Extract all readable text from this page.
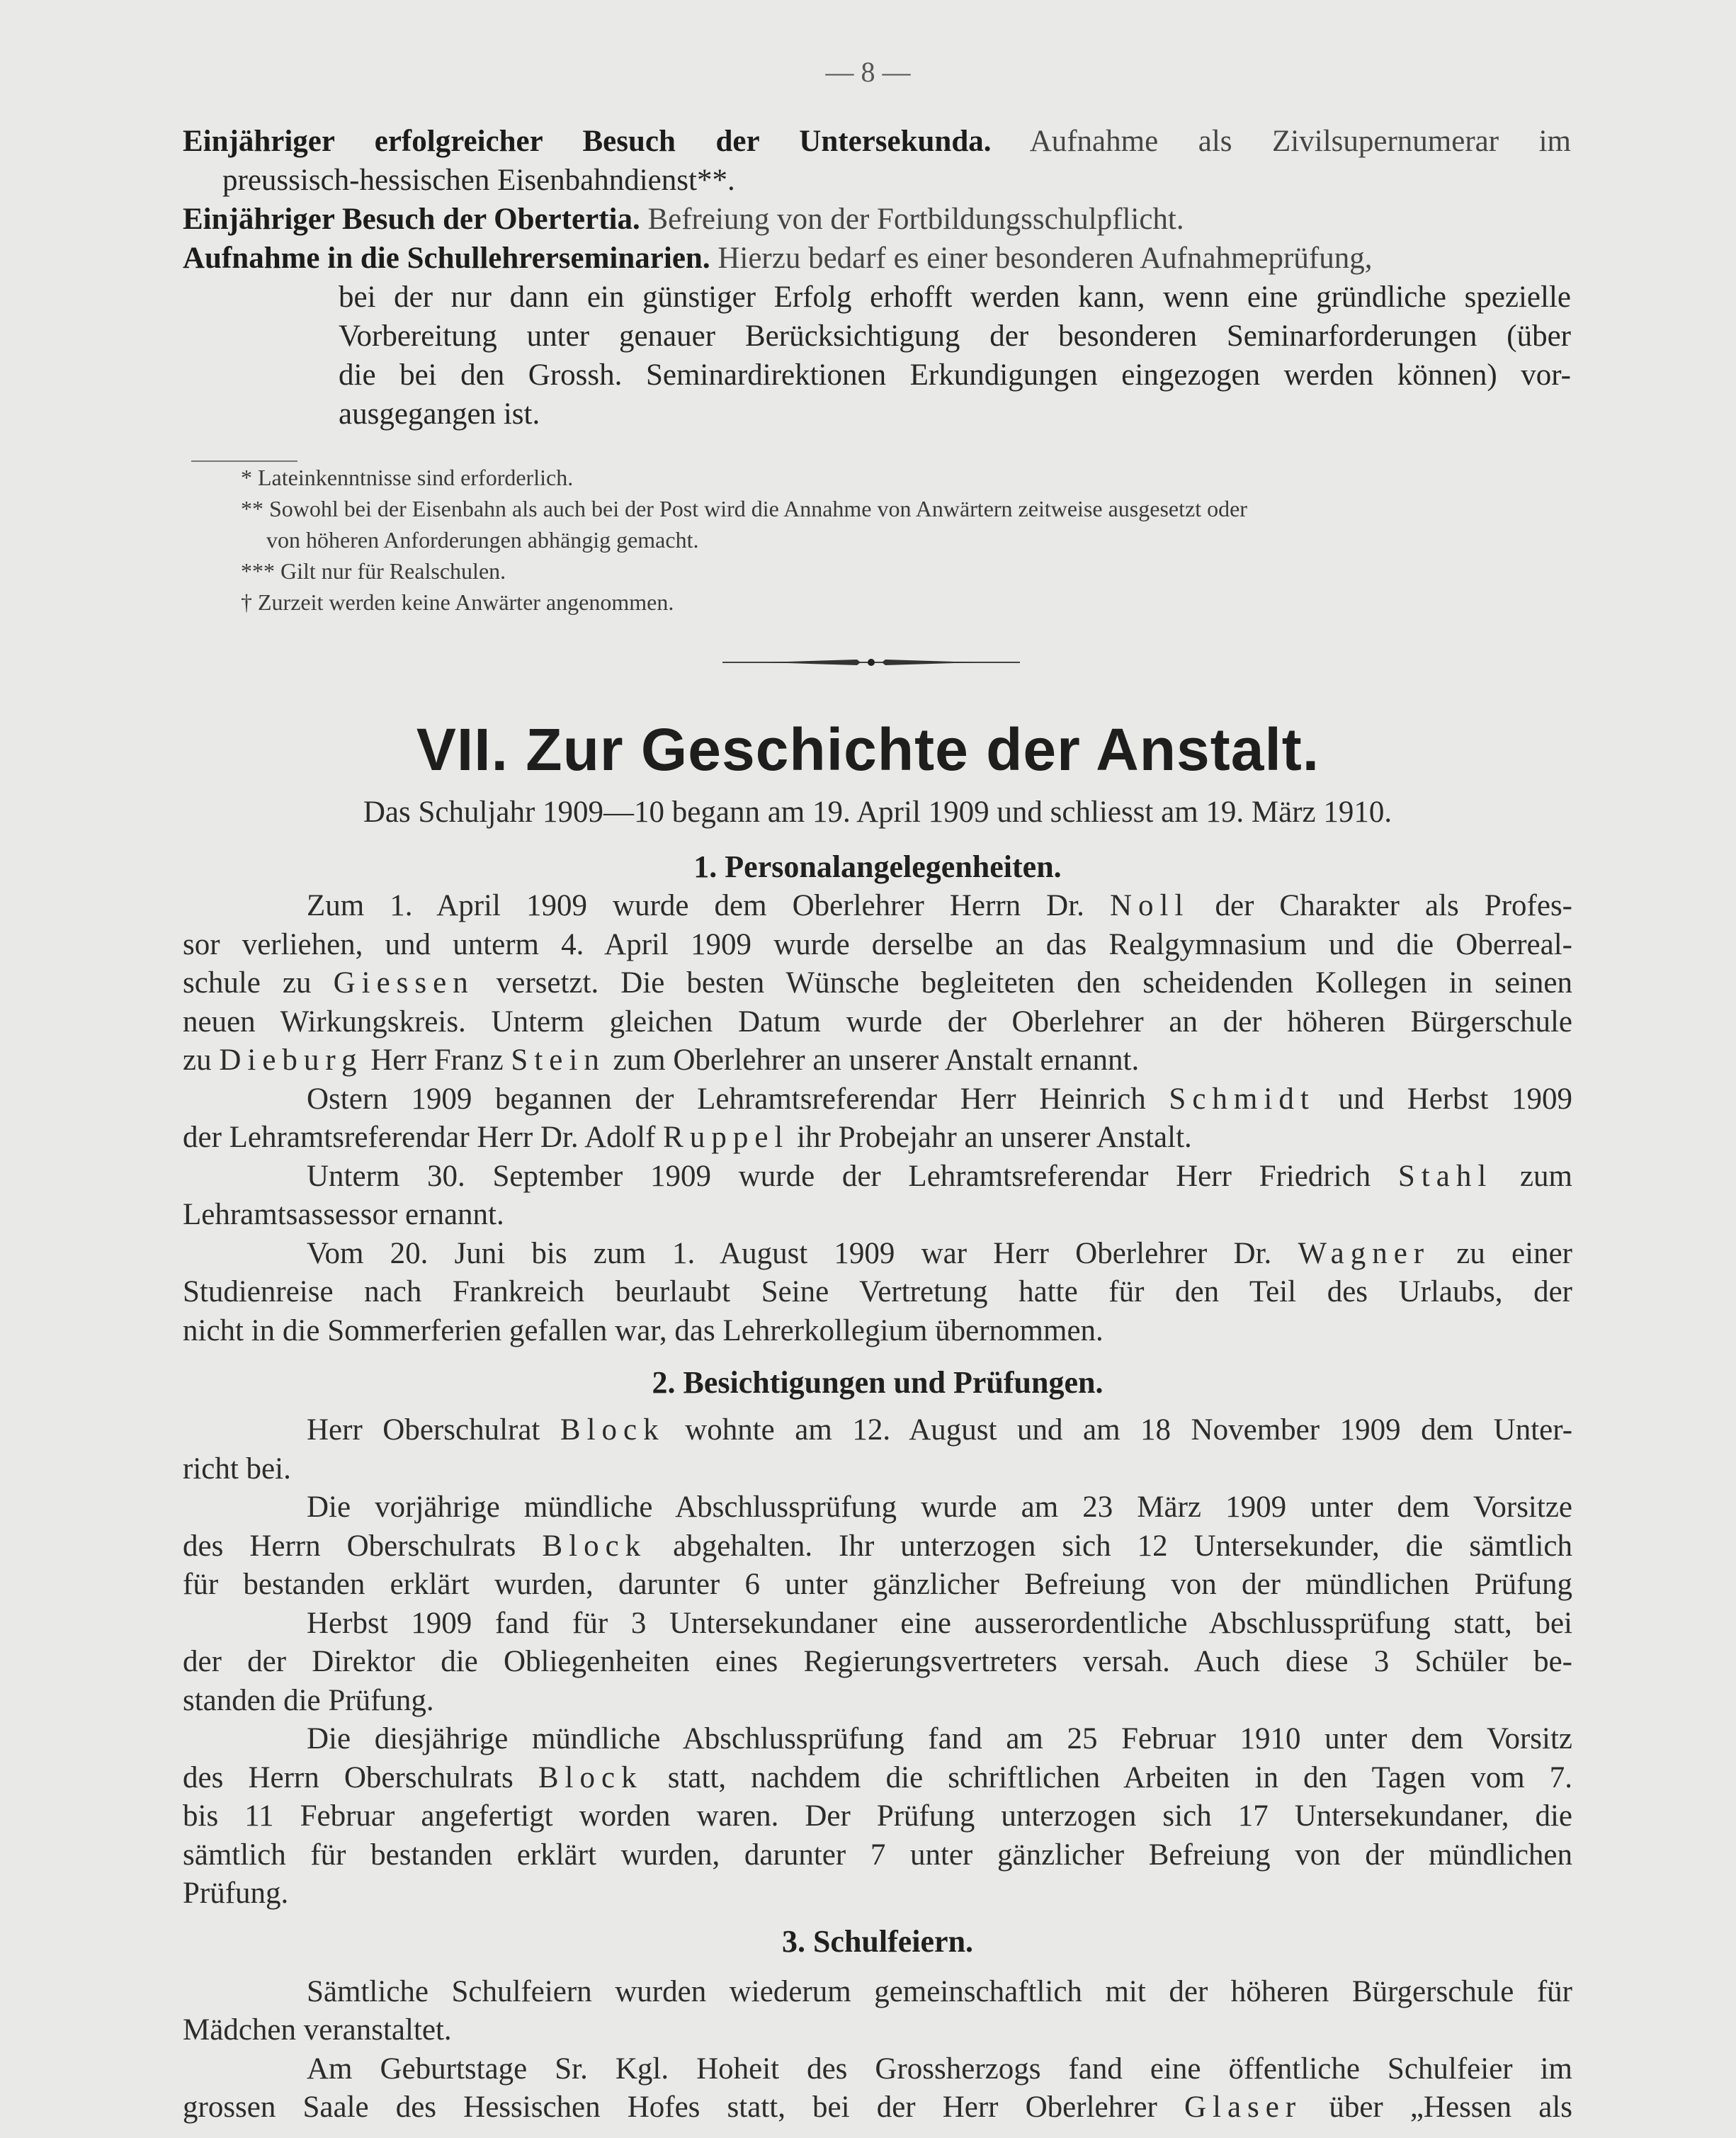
— 8 —
Einjähriger erfolgreicher Besuch der Untersekunda. Aufnahme als Zivilsupernumerar im
preussisch-hessischen Eisenbahndienst**.
Einjähriger Besuch der Obertertia. Befreiung von der Fortbildungsschulpflicht.
Aufnahme in die Schullehrerseminarien. Hierzu bedarf es einer besonderen Aufnahmeprüfung,
bei der nur dann ein günstiger Erfolg erhofft werden kann, wenn eine gründliche spezielle
Vorbereitung unter genauer Berücksichtigung der besonderen Seminarforderungen (über
die bei den Grossh. Seminardirektionen Erkundigungen eingezogen werden können) vor-
ausgegangen ist.
* Lateinkenntnisse sind erforderlich.
** Sowohl bei der Eisenbahn als auch bei der Post wird die Annahme von Anwärtern zeitweise ausgesetzt oder
von höheren Anforderungen abhängig gemacht.
*** Gilt nur für Realschulen.
† Zurzeit werden keine Anwärter angenommen.
VII. Zur Geschichte der Anstalt.
Das Schuljahr 1909—10 begann am 19. April 1909 und schliesst am 19. März 1910.
1. Personalangelegenheiten.
Zum 1. April 1909 wurde dem Oberlehrer Herrn Dr. Noll der Charakter als Profes-
sor verliehen, und unterm 4. April 1909 wurde derselbe an das Realgymnasium und die Oberreal-
schule zu Giessen versetzt. Die besten Wünsche begleiteten den scheidenden Kollegen in seinen
neuen Wirkungskreis. Unterm gleichen Datum wurde der Oberlehrer an der höheren Bürgerschule
zu Dieburg Herr Franz Stein zum Oberlehrer an unserer Anstalt ernannt.
Ostern 1909 begannen der Lehramtsreferendar Herr Heinrich Schmidt und Herbst 1909
der Lehramtsreferendar Herr Dr. Adolf Ruppel ihr Probejahr an unserer Anstalt.
Unterm 30. September 1909 wurde der Lehramtsreferendar Herr Friedrich Stahl zum
Lehramtsassessor ernannt.
Vom 20. Juni bis zum 1. August 1909 war Herr Oberlehrer Dr. Wagner zu einer
Studienreise nach Frankreich beurlaubt Seine Vertretung hatte für den Teil des Urlaubs, der
nicht in die Sommerferien gefallen war, das Lehrerkollegium übernommen.
2. Besichtigungen und Prüfungen.
Herr Oberschulrat Block wohnte am 12. August und am 18 November 1909 dem Unter-
richt bei.
Die vorjährige mündliche Abschlussprüfung wurde am 23 März 1909 unter dem Vorsitze
des Herrn Oberschulrats Block abgehalten. Ihr unterzogen sich 12 Untersekunder, die sämtlich
für bestanden erklärt wurden, darunter 6 unter gänzlicher Befreiung von der mündlichen Prüfung
Herbst 1909 fand für 3 Untersekundaner eine ausserordentliche Abschlussprüfung statt, bei
der der Direktor die Obliegenheiten eines Regierungsvertreters versah. Auch diese 3 Schüler be-
standen die Prüfung.
Die diesjährige mündliche Abschlussprüfung fand am 25 Februar 1910 unter dem Vorsitz
des Herrn Oberschulrats Block statt, nachdem die schriftlichen Arbeiten in den Tagen vom 7.
bis 11 Februar angefertigt worden waren. Der Prüfung unterzogen sich 17 Untersekundaner, die
sämtlich für bestanden erklärt wurden, darunter 7 unter gänzlicher Befreiung von der mündlichen
Prüfung.
3. Schulfeiern.
Sämtliche Schulfeiern wurden wiederum gemeinschaftlich mit der höheren Bürgerschule für
Mädchen veranstaltet.
Am Geburtstage Sr. Kgl. Hoheit des Grossherzogs fand eine öffentliche Schulfeier im
grossen Saale des Hessischen Hofes statt, bei der Herr Oberlehrer Glaser über „Hessen als
